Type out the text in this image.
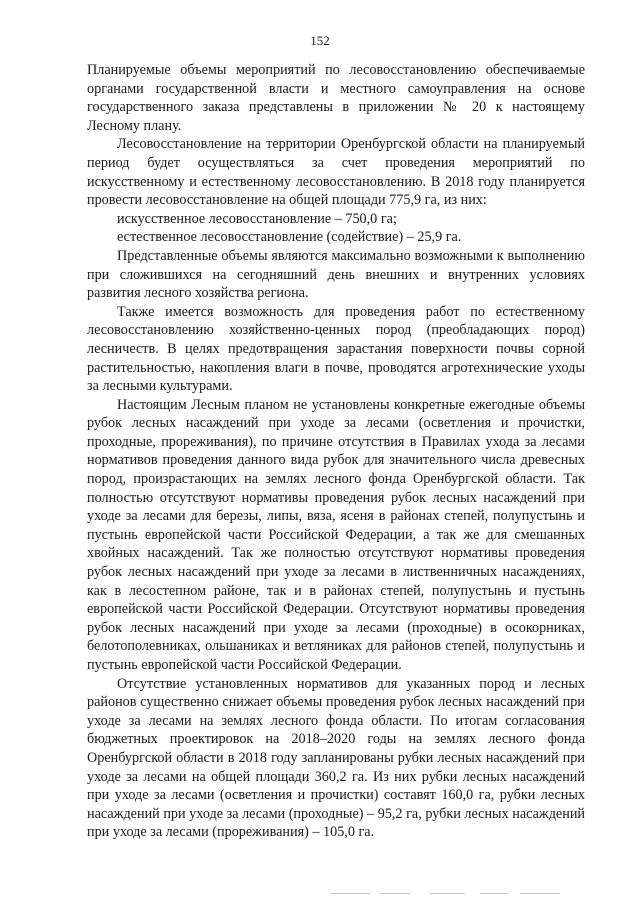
152

Планируемые объемы мероприятий по лесовосстановлению обеспечиваемые органами государственной власти и местного самоуправления на основе государственного заказа представлены в приложении № 20 к настоящему Лесному плану.

Лесовосстановление на территории Оренбургской области на планируемый период будет осуществляться за счет проведения мероприятий по искусственному и естественному лесовосстановлению. В 2018 году планируется провести лесовосстановление на общей площади 775,9 га, из них:

искусственное лесовосстановление – 750,0 га;
естественное лесовосстановление (содействие) – 25,9 га.

Представленные объемы являются максимально возможными к выполнению при сложившихся на сегодняшний день внешних и внутренних условиях развития лесного хозяйства региона.

Также имеется возможность для проведения работ по естественному лесовосстановлению хозяйственно-ценных пород (преобладающих пород) лесничеств. В целях предотвращения зарастания поверхности почвы сорной растительностью, накопления влаги в почве, проводятся агротехнические уходы за лесными культурами.

Настоящим Лесным планом не установлены конкретные ежегодные объемы рубок лесных насаждений при уходе за лесами (осветления и прочистки, проходные, прореживания), по причине отсутствия в Правилах ухода за лесами нормативов проведения данного вида рубок для значительного числа древесных пород, произрастающих на землях лесного фонда Оренбургской области. Так полностью отсутствуют нормативы проведения рубок лесных насаждений при уходе за лесами для березы, липы, вяза, ясеня в районах степей, полупустынь и пустынь европейской части Российской Федерации, а так же для смешанных хвойных насаждений. Так же полностью отсутствуют нормативы проведения рубок лесных насаждений при уходе за лесами в лиственничных насаждениях, как в лесостепном районе, так и в районах степей, полупустынь и пустынь европейской части Российской Федерации. Отсутствуют нормативы проведения рубок лесных насаждений при уходе за лесами (проходные) в осокорниках, белотополевниках, ольшаниках и ветляниках для районов степей, полупустынь и пустынь европейской части Российской Федерации.

Отсутствие установленных нормативов для указанных пород и лесных районов существенно снижает объемы проведения рубок лесных насаждений при уходе за лесами на землях лесного фонда области. По итогам согласования бюджетных проектировок на 2018–2020 годы на землях лесного фонда Оренбургской области в 2018 году запланированы рубки лесных насаждений при уходе за лесами на общей площади 360,2 га. Из них рубки лесных насаждений при уходе за лесами (осветления и прочистки) составят 160,0 га, рубки лесных насаждений при уходе за лесами (проходные) – 95,2 га, рубки лесных насаждений при уходе за лесами (прореживания) – 105,0 га.
